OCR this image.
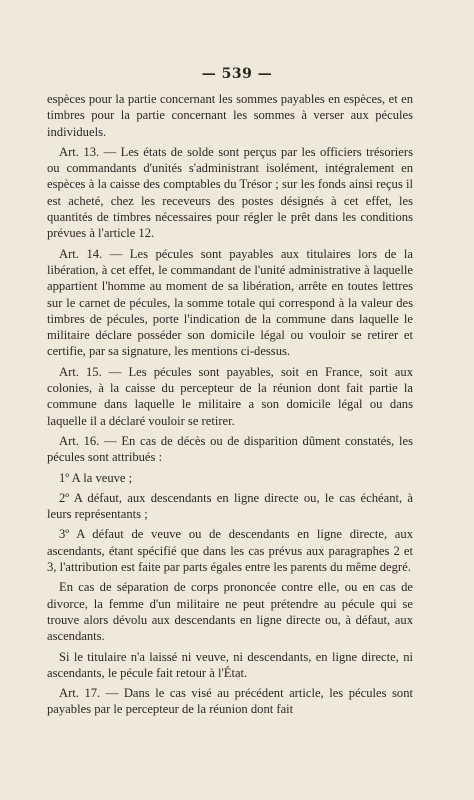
— 539 —

espèces pour la partie concernant les sommes payables en espèces, et en timbres pour la partie concernant les sommes à verser aux pécules individuels.

Art. 13. — Les états de solde sont perçus par les officiers trésoriers ou commandants d'unités s'administrant isolément, intégralement en espèces à la caisse des comptables du Trésor ; sur les fonds ainsi reçus il est acheté, chez les receveurs des postes désignés à cet effet, les quantités de timbres nécessaires pour régler le prêt dans les conditions prévues à l'article 12.

Art. 14. — Les pécules sont payables aux titulaires lors de la libération, à cet effet, le commandant de l'unité administrative à laquelle appartient l'homme au moment de sa libération, arrête en toutes lettres sur le carnet de pécules, la somme totale qui correspond à la valeur des timbres de pécules, porte l'indication de la commune dans laquelle le militaire déclare posséder son domicile légal ou vouloir se retirer et certifie, par sa signature, les mentions ci-dessus.

Art. 15. — Les pécules sont payables, soit en France, soit aux colonies, à la caisse du percepteur de la réunion dont fait partie la commune dans laquelle le militaire a son domicile légal ou dans laquelle il a déclaré vouloir se retirer.

Art. 16. — En cas de décès ou de disparition dûment constatés, les pécules sont attribués :

1º A la veuve ;

2º A défaut, aux descendants en ligne directe ou, le cas échéant, à leurs représentants ;

3º A défaut de veuve ou de descendants en ligne directe, aux ascendants, étant spécifié que dans les cas prévus aux paragraphes 2 et 3, l'attribution est faite par parts égales entre les parents du même degré.

En cas de séparation de corps prononcée contre elle, ou en cas de divorce, la femme d'un militaire ne peut prétendre au pécule qui se trouve alors dévolu aux descendants en ligne directe ou, à défaut, aux ascendants.

Si le titulaire n'a laissé ni veuve, ni descendants, en ligne directe, ni ascendants, le pécule fait retour à l'État.

Art. 17. — Dans le cas visé au précédent article, les pécules sont payables par le percepteur de la réunion dont fait
